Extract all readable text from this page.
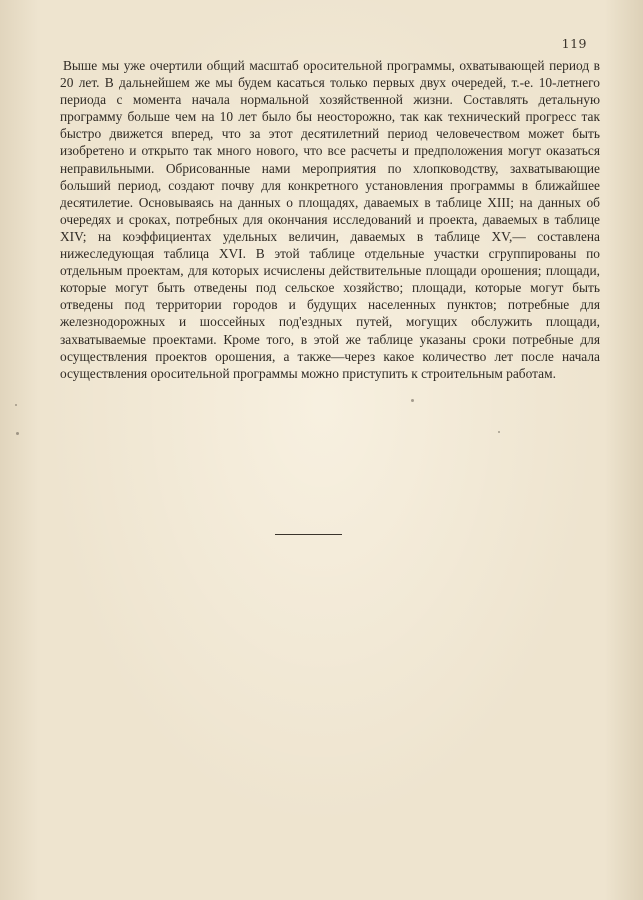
119

Выше мы уже очертили общий масштаб оросительной программы, охватывающей период в 20 лет. В дальнейшем же мы будем касаться только первых двух очередей, т.-е. 10-летнего периода с момента начала нормальной хозяйственной жизни. Составлять детальную программу больше чем на 10 лет было бы неосторожно, так как технический прогресс так быстро движется вперед, что за этот десятилетний период человечеством может быть изобретено и открыто так много нового, что все расчеты и предположения могут оказаться неправильными. Обрисованные нами мероприятия по хлопководству, захватывающие больший период, создают почву для конкретного установления программы в ближайшее десятилетие. Основываясь на данных о площадях, даваемых в таблице XIII; на данных об очередях и сроках, потребных для окончания исследований и проекта, даваемых в таблице XIV; на коэффициентах удельных величин, даваемых в таблице XV,— составлена нижеследующая таблица XVI. В этой таблице отдельные участки сгруппированы по отдельным проектам, для которых исчислены действительные площади орошения; площади, которые могут быть отведены под сельское хозяйство; площади, которые могут быть отведены под территории городов и будущих населенных пунктов; потребные для железнодорожных и шоссейных под'ездных путей, могущих обслужить площади, захватываемые проектами. Кроме того, в этой же таблице указаны сроки потребные для осуществления проектов орошения, а также—через какое количество лет после начала осуществления оросительной программы можно приступить к строительным работам.
